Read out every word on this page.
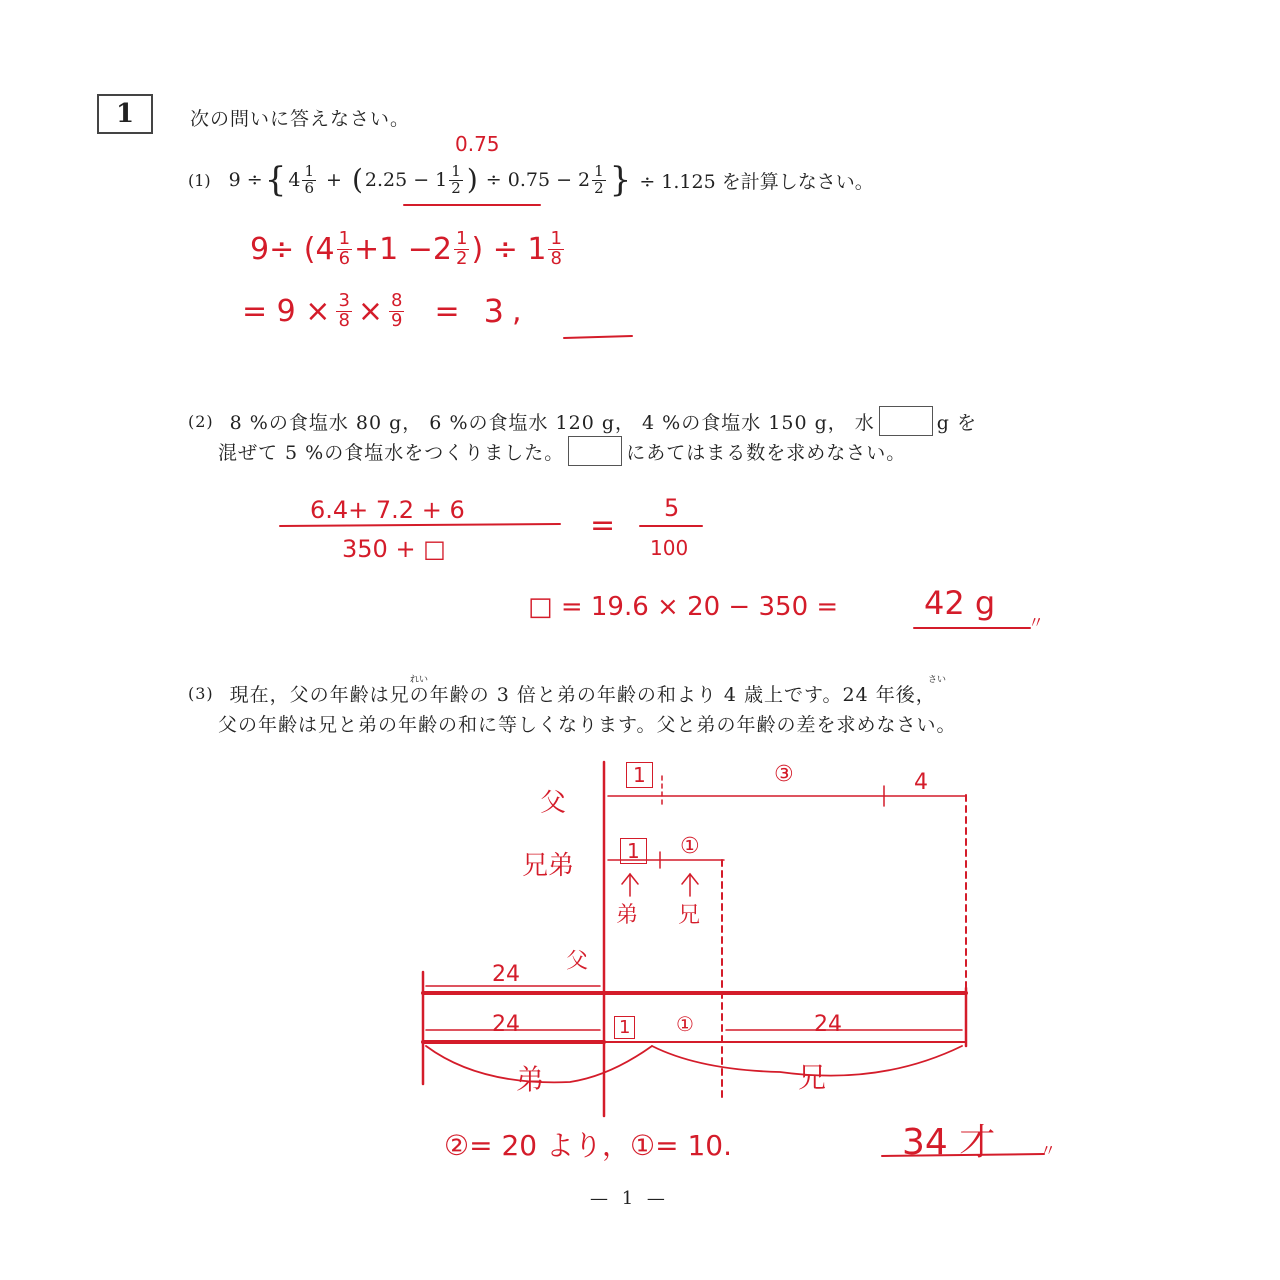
1	次の問いに答えなさい。
0.75
(1) 9 ÷ { $4 \frac{1}{6}$ + ( $2.25 - 1 \frac{1}{2}$ ) ÷ $0.75 - 2 \frac{1}{2}$ } ÷ 1.125 を計算しなさい。
$9\div (4 \frac{1}{6} +1 -2 \frac{1}{2}$ ) ÷ $1 \frac{1}{8}$
= $9 \times \frac{3}{8} \times \frac{8}{9} = 3$ ,
(2) 8 %の食塩水 80 g， 6 %の食塩水 120 g， 4 %の食塩水 150 g， 水	g を
混ぜて 5 %の食塩水をつくりました。	にあてはまる数を求めなさい。
6.4+ 7.2 + 6
350 + □
= 5
100
□ = 19.6 × 20 − 350 =	42 g
〃
れい	さい
(3) 現在，父の年齢は兄の年齢の 3 倍と弟の年齢の和より 4 歳上です。24 年後，
父の年齢は兄と弟の年齢の和に等しくなります。父と弟の年齢の差を求めなさい。
父
兄弟
1	③	4
1	①
弟 兄
父
24
24	1 ①	24
弟	兄
②= 20 より，①= 10.	34 才	〃
— 1 —
